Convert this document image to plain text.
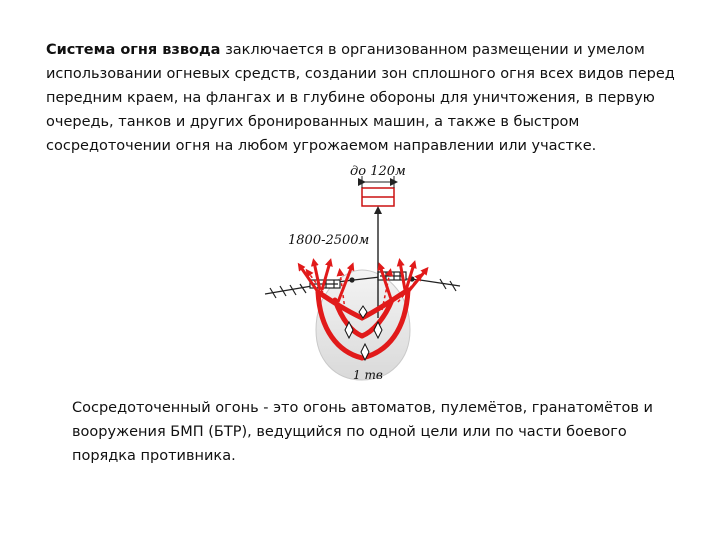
Система огня взвода заключается в организованном размещении и умелом использовании огневых средств, создании зон сплошного огня всех видов перед передним краем, на флангах и в глубине обороны для уничтожения, в первую очередь, танков и других бронированных машин, а также в быстром сосредоточении огня на любом угрожаемом направлении или участке.
до 120м
1800-2500м
1 тв
Сосредоточенный огонь - это огонь автоматов, пулемётов, гранатомётов и вооружения БМП (БТР), ведущийся по одной цели или по части боевого порядка противника.
